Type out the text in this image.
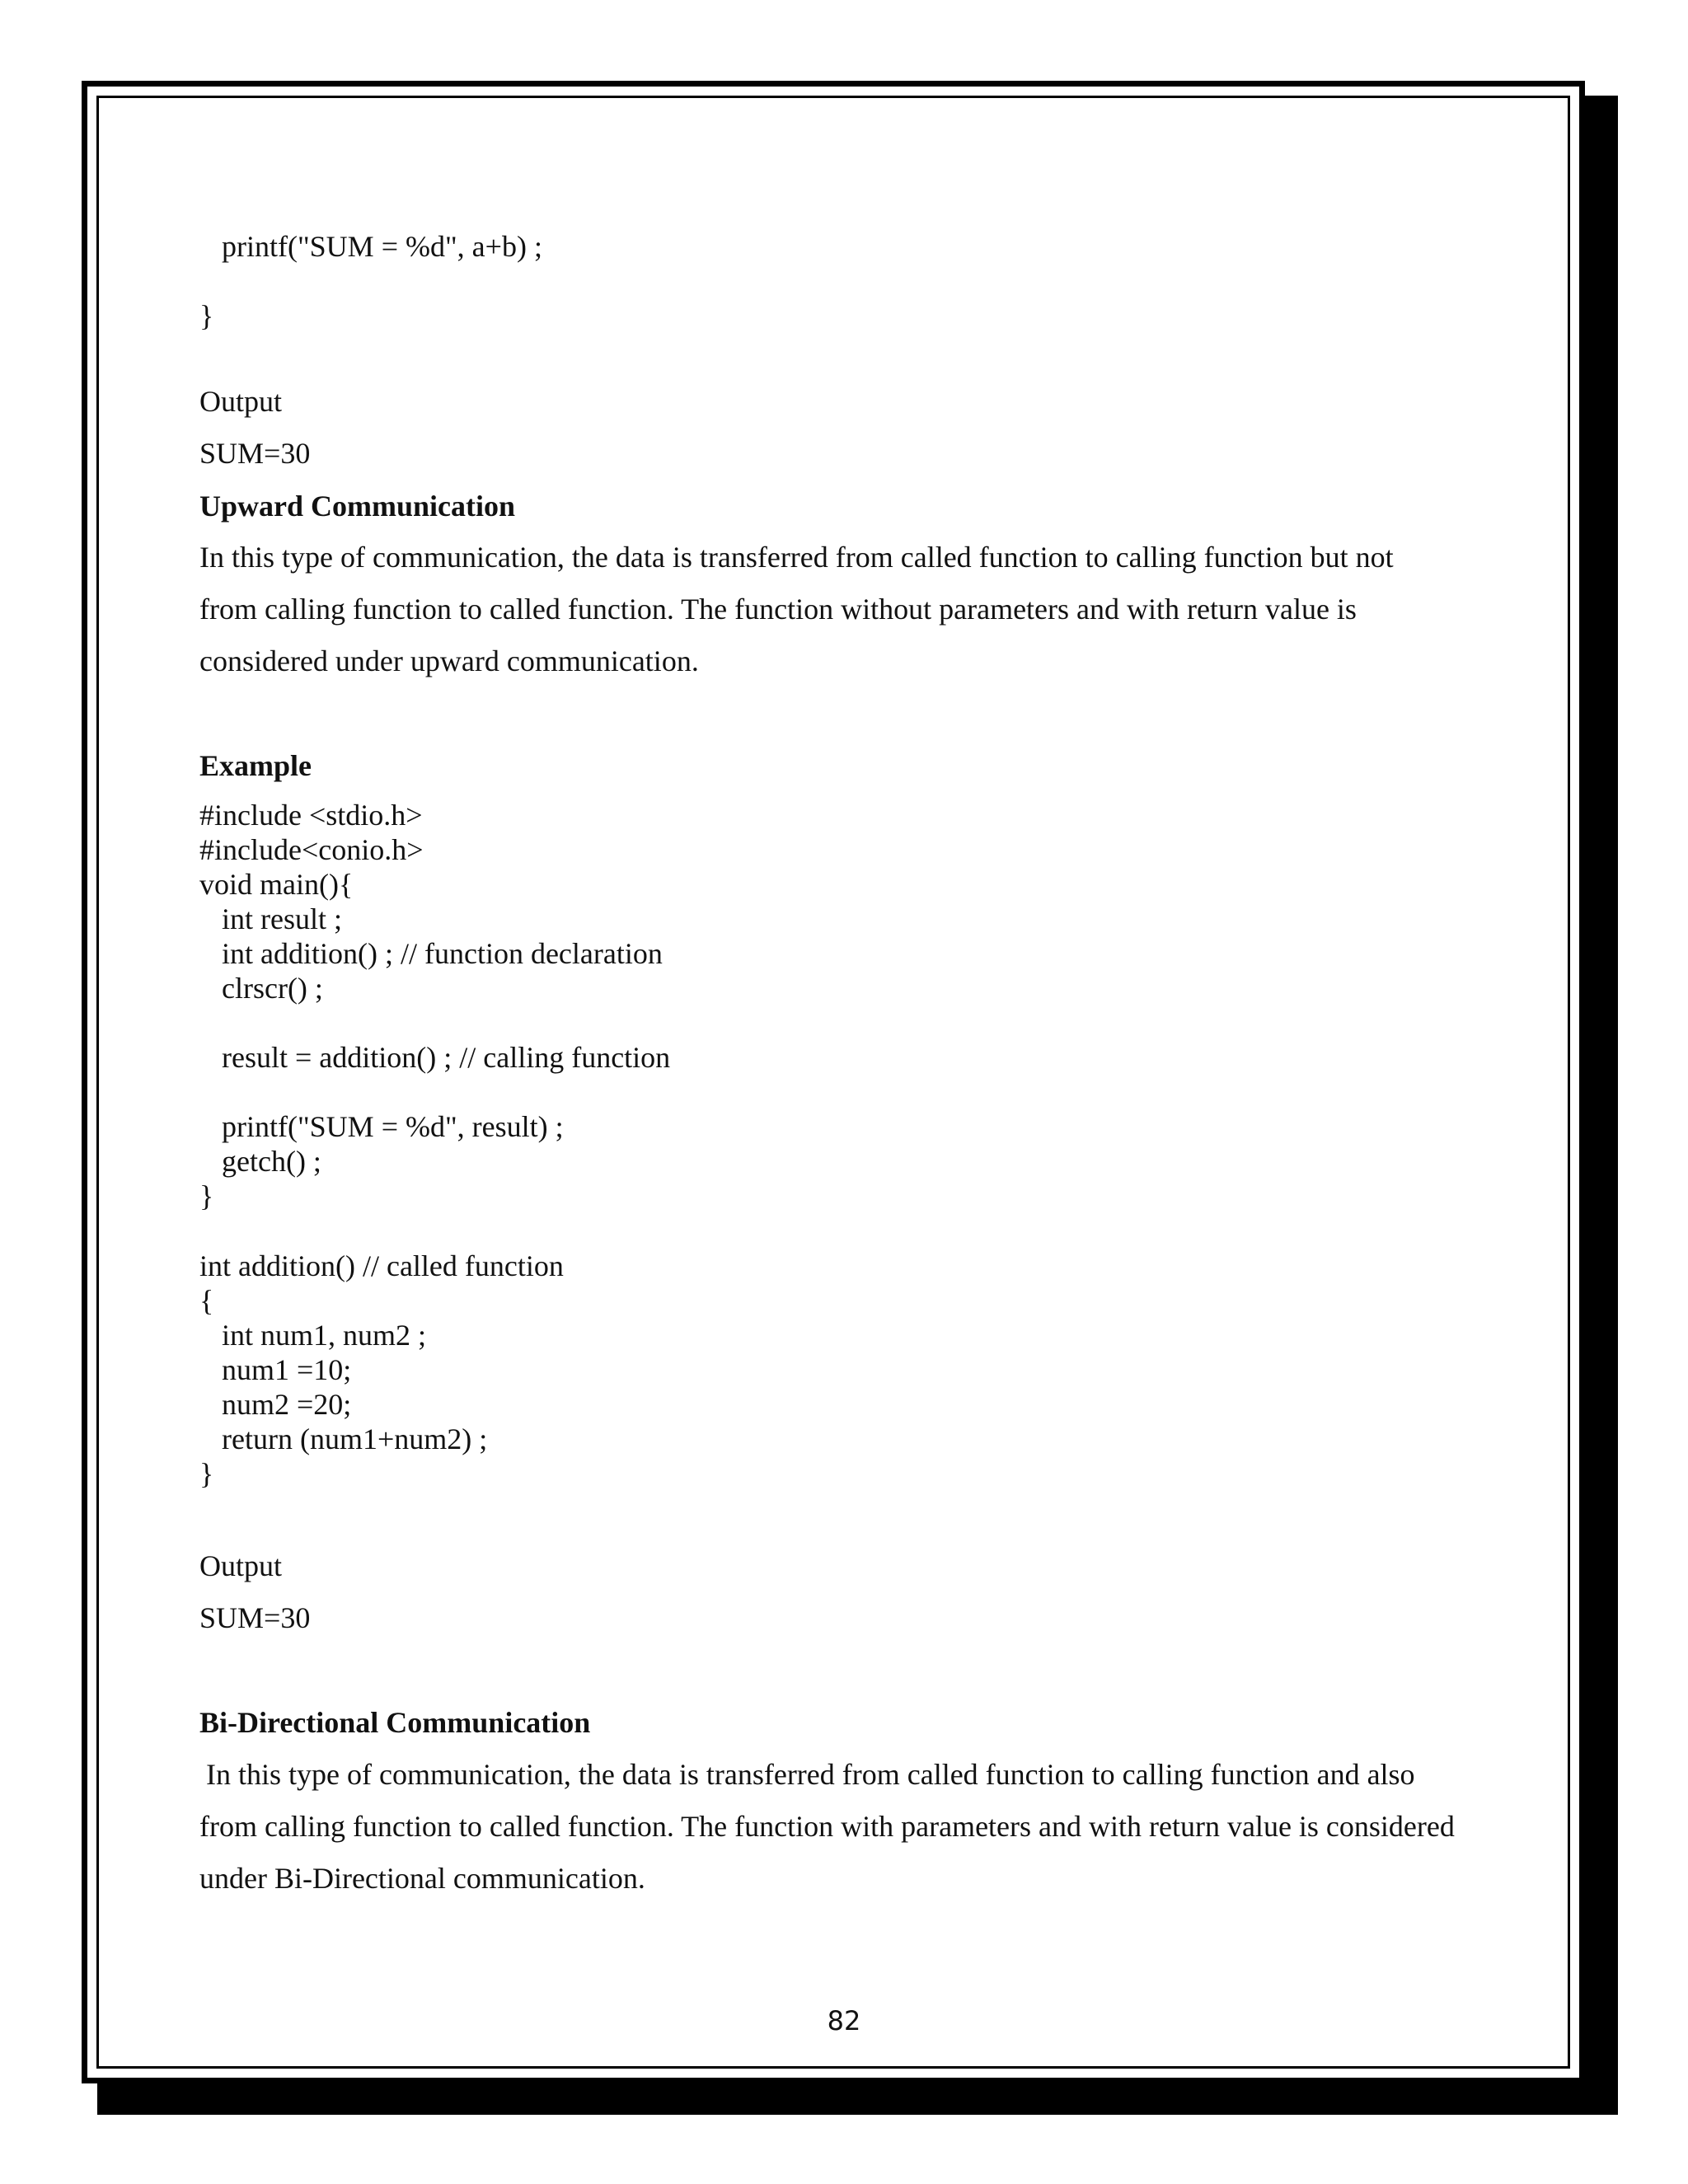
printf("SUM = %d", a+b) ;
}
Output
SUM=30
Upward Communication
In this type of communication, the data is transferred from called function to calling function but not
from calling function to called function. The function without parameters and with return value is
considered under upward communication.
Example
#include <stdio.h>
#include<conio.h>
void main(){
int result ;
int addition() ; // function declaration
clrscr() ;
result = addition() ; // calling function
printf("SUM = %d", result) ;
getch() ;
}
int addition() // called function
{
int num1, num2 ;
num1 =10;
num2 =20;
return (num1+num2) ;
}
Output
SUM=30
Bi-Directional Communication
In this type of communication, the data is transferred from called function to calling function and also
from calling function to called function. The function with parameters and with return value is considered
under Bi-Directional communication.
82
